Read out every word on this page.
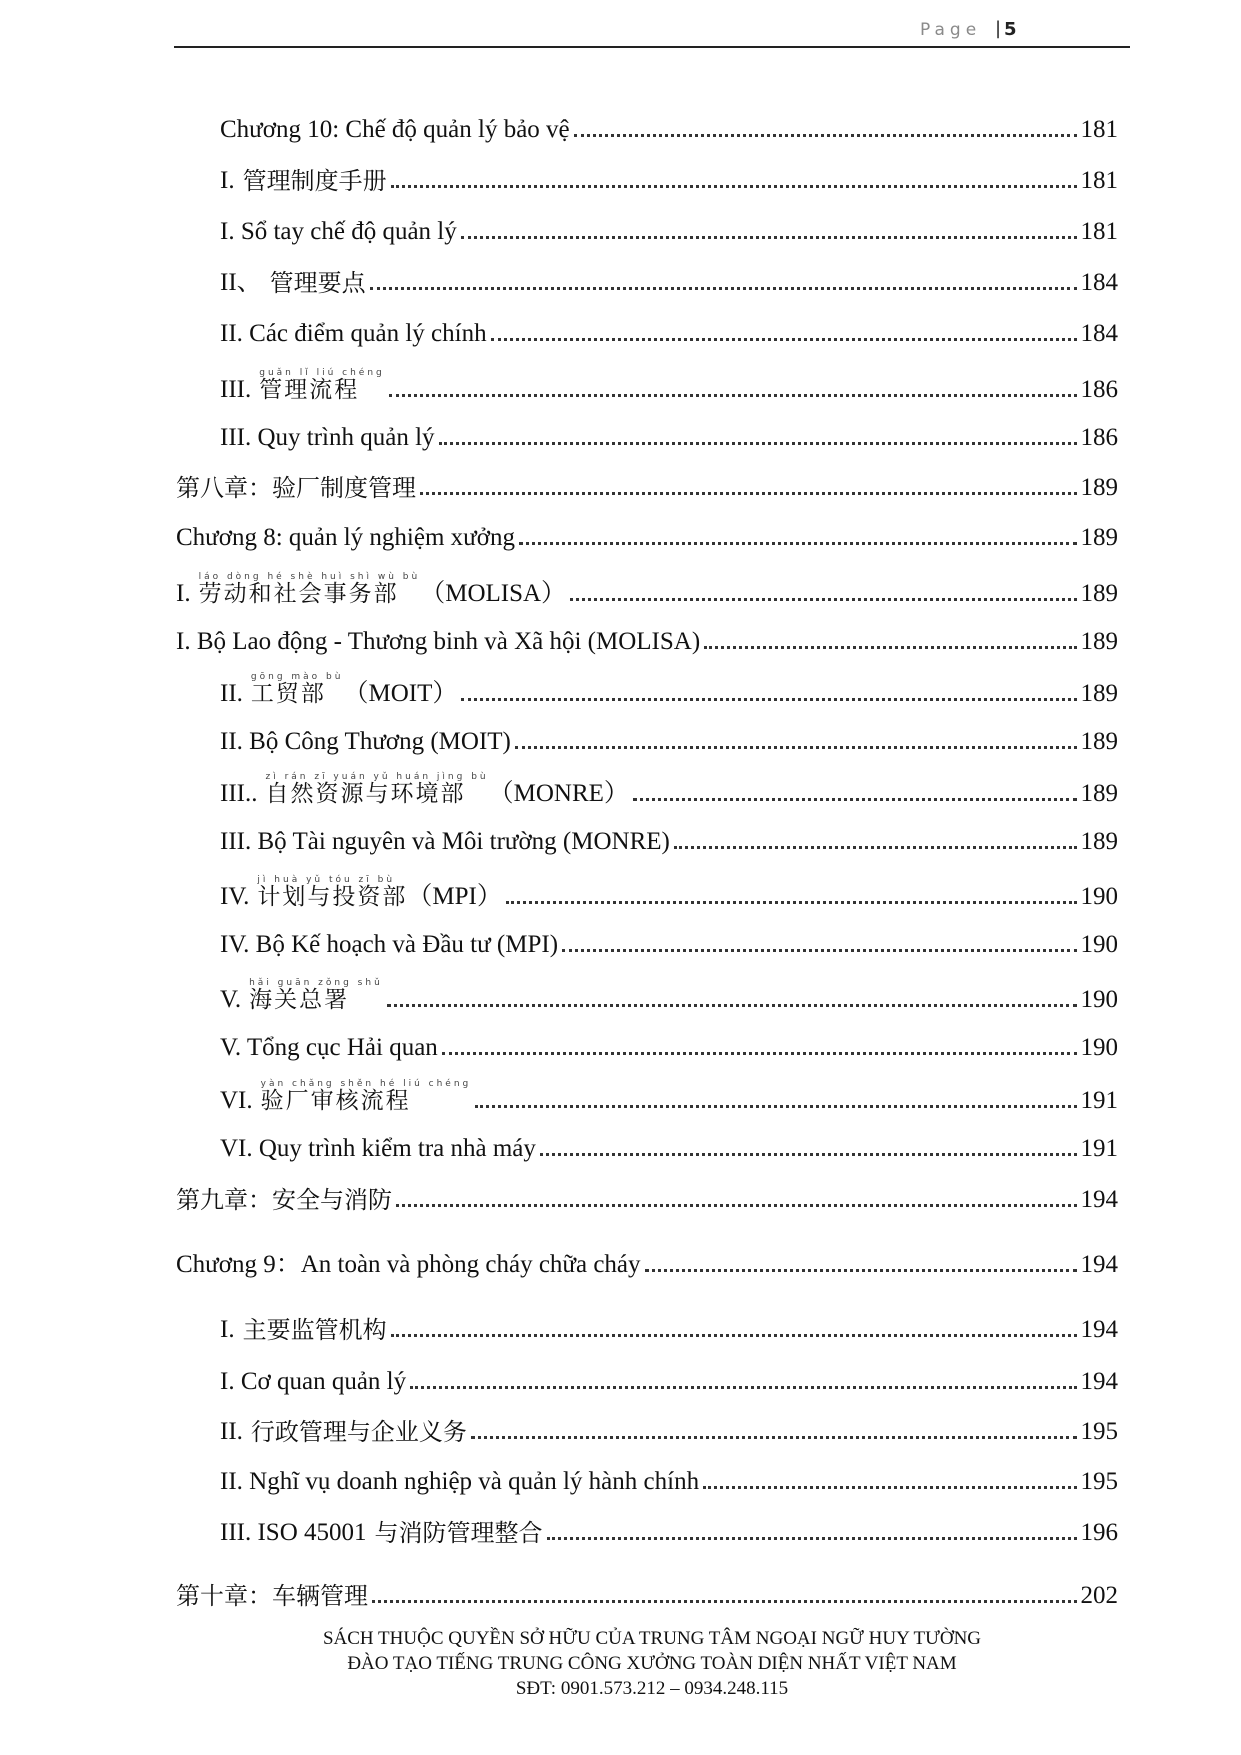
Page | 5
Chương 10: Chế độ quản lý bảo vệ	181
I. 管理制度手册	181
I. Sổ tay chế độ quản lý	181
II、 管理要点	184
II. Các điểm quản lý chính	184
III.
guǎn lǐ liú chéng
管理流程	186
III. Quy trình quản lý	186
第八章：验厂制度管理	189
Chương 8: quản lý nghiệm xưởng	189
I.
láo dòng hé shè huì shì wù bù
劳动和社会事务部 （MOLISA）	189
I. Bộ Lao động - Thương binh và Xã hội (MOLISA)	189
II.
gōng mào bù
工贸部 （MOIT）	189
II. Bộ Công Thương (MOIT)	189
III..
zì rán zī yuán yǔ huán jìng bù
自然资源与环境部 （MONRE）	189
III. Bộ Tài nguyên và Môi trường (MONRE)	189
IV.
jì huà yǔ tóu zī bù
计划与投资部 （MPI）	190
IV. Bộ Kế hoạch và Đầu tư (MPI)	190
V.
hǎi guān zǒng shǔ
海关总署	190
V. Tổng cục Hải quan	190
VI.
yàn chǎng shěn hé liú chéng
验厂审核流程	191
VI. Quy trình kiểm tra nhà máy	191
第九章：安全与消防	194
Chương 9：An toàn và phòng cháy chữa cháy	194
I. 主要监管机构	194
I. Cơ quan quản lý	194
II. 行政管理与企业义务	195
II. Nghĩ vụ doanh nghiệp và quản lý hành chính	195
III. ISO 45001 与消防管理整合	196
第十章：车辆管理	202
SÁCH THUỘC QUYỀN SỞ HỮU CỦA TRUNG TÂM NGOẠI NGỮ HUY TƯỜNG
ĐÀO TẠO TIẾNG TRUNG CÔNG XƯỞNG TOÀN DIỆN NHẤT VIỆT NAM
SĐT: 0901.573.212 – 0934.248.115
